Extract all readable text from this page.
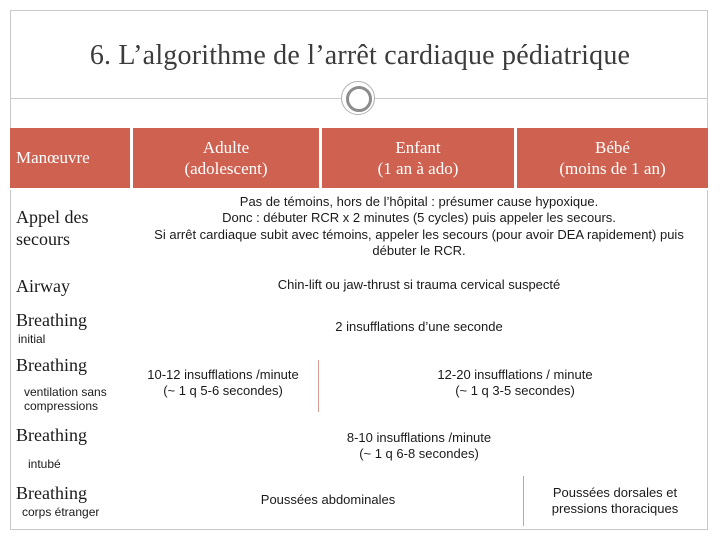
6. L’algorithme de l’arrêt cardiaque pédiatrique
Manœuvre
Adulte
(adolescent)
Enfant
(1 an à ado)
Bébé
(moins de 1 an)
Appel des
secours
Pas de témoins, hors de l’hôpital : présumer cause hypoxique.
Donc : débuter RCR x 2 minutes (5 cycles) puis appeler les secours.
Si arrêt cardiaque subit avec témoins, appeler les secours (pour avoir DEA rapidement) puis
débuter le RCR.
Airway	Chin-lift ou jaw-thrust si trauma cervical suspecté
Breathing
initial
2 insufflations d’une seconde
Breathing
ventilation sans
compressions
10-12 insufflations /minute
(~ 1 q 5-6 secondes)
12-20 insufflations / minute
(~ 1 q 3-5 secondes)
Breathing
intubé
8-10 insufflations /minute
(~ 1 q 6-8 secondes)
Breathing
corps étranger
Poussées abdominales	Poussées dorsales et
pressions thoraciques
